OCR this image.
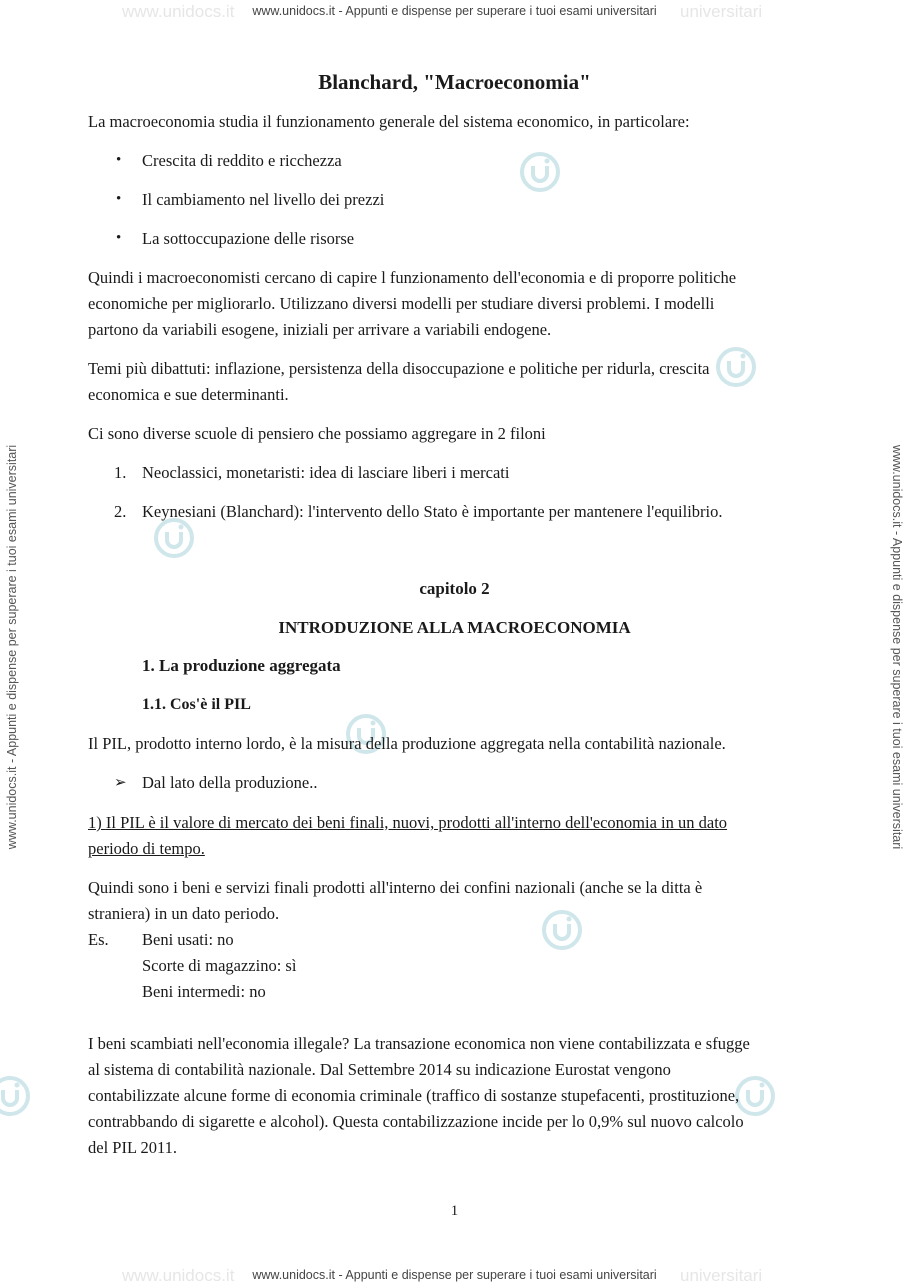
www.unidocs.it	universitari
www.unidocs.it - Appunti e dispense per superare i tuoi esami universitari
www.unidocs.it	universitari
www.unidocs.it - Appunti e dispense per superare i tuoi esami universitari
www.unidocs.it - Appunti e dispense per superare i tuoi esami universitari	www.unidocs.it - Appunti e dispense per superare i tuoi esami universitari
Blanchard, "Macroeconomia"
La macroeconomia studia il funzionamento generale del sistema economico, in particolare:
• Crescita di reddito e ricchezza
• Il cambiamento nel livello dei prezzi
• La sottoccupazione delle risorse
Quindi i macroeconomisti cercano di capire l funzionamento dell'economia e di proporre politiche
economiche per migliorarlo. Utilizzano diversi modelli per studiare diversi problemi. I modelli
partono da variabili esogene, iniziali per arrivare a variabili endogene.
Temi più dibattuti: inflazione, persistenza della disoccupazione e politiche per ridurla, crescita
economica e sue determinanti.
Ci sono diverse scuole di pensiero che possiamo aggregare in 2 filoni
1. Neoclassici, monetaristi: idea di lasciare liberi i mercati
2. Keynesiani (Blanchard): l'intervento dello Stato è importante per mantenere l'equilibrio.
capitolo 2
INTRODUZIONE ALLA MACROECONOMIA
1. La produzione aggregata
1.1. Cos'è il PIL
Il PIL, prodotto interno lordo, è la misura della produzione aggregata nella contabilità nazionale.
➢ Dal lato della produzione..
1) Il PIL è il valore di mercato dei beni finali, nuovi, prodotti all'interno dell'economia in un dato
periodo di tempo.
Quindi sono i beni e servizi finali prodotti all'interno dei confini nazionali (anche se la ditta è
straniera) in un dato periodo.
Es. Beni usati: no
Scorte di magazzino: sì
Beni intermedi: no
I beni scambiati nell'economia illegale? La transazione economica non viene contabilizzata e sfugge
al sistema di contabilità nazionale. Dal Settembre 2014 su indicazione Eurostat vengono
contabilizzate alcune forme di economia criminale (traffico di sostanze stupefacenti, prostituzione,
contrabbando di sigarette e alcohol). Questa contabilizzazione incide per lo 0,9% sul nuovo calcolo
del PIL 2011.
1
